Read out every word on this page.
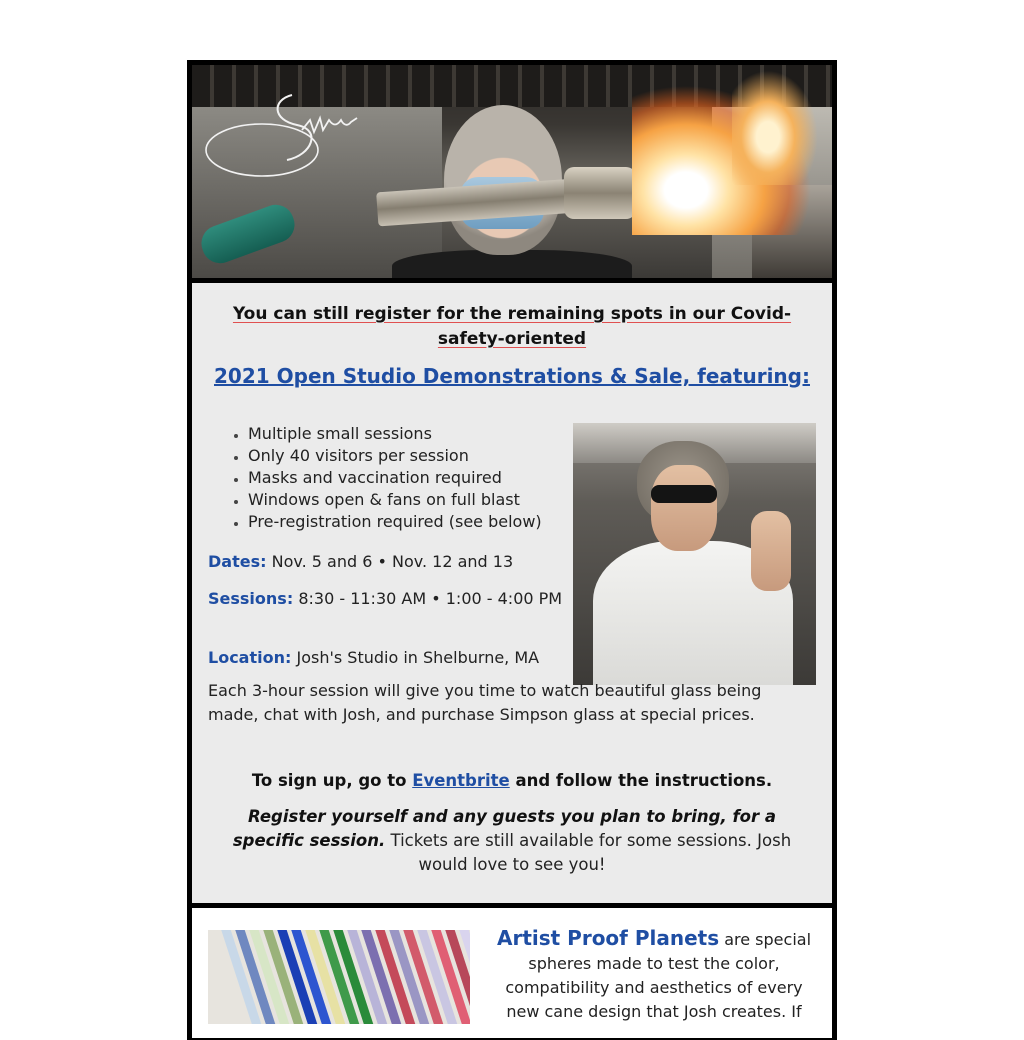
You can still register for the remaining spots in our Covid-safety-oriented
2021 Open Studio Demonstrations & Sale, featuring:
• Multiple small sessions
• Only 40 visitors per session
• Masks and vaccination required
• Windows open & fans on full blast
• Pre-registration required (see below)
Dates: Nov. 5 and 6 • Nov. 12 and 13
Sessions: 8:30 - 11:30 AM • 1:00 - 4:00 PM
Location: Josh's Studio in Shelburne, MA
Each 3-hour session will give you time to watch beautiful glass being made, chat with Josh, and purchase Simpson glass at special prices.
To sign up, go to Eventbrite and follow the instructions.
Register yourself and any guests you plan to bring, for a specific session. Tickets are still available for some sessions. Josh would love to see you!
Artist Proof Planets are special spheres made to test the color, compatibility and aesthetics of every new cane design that Josh creates. If
